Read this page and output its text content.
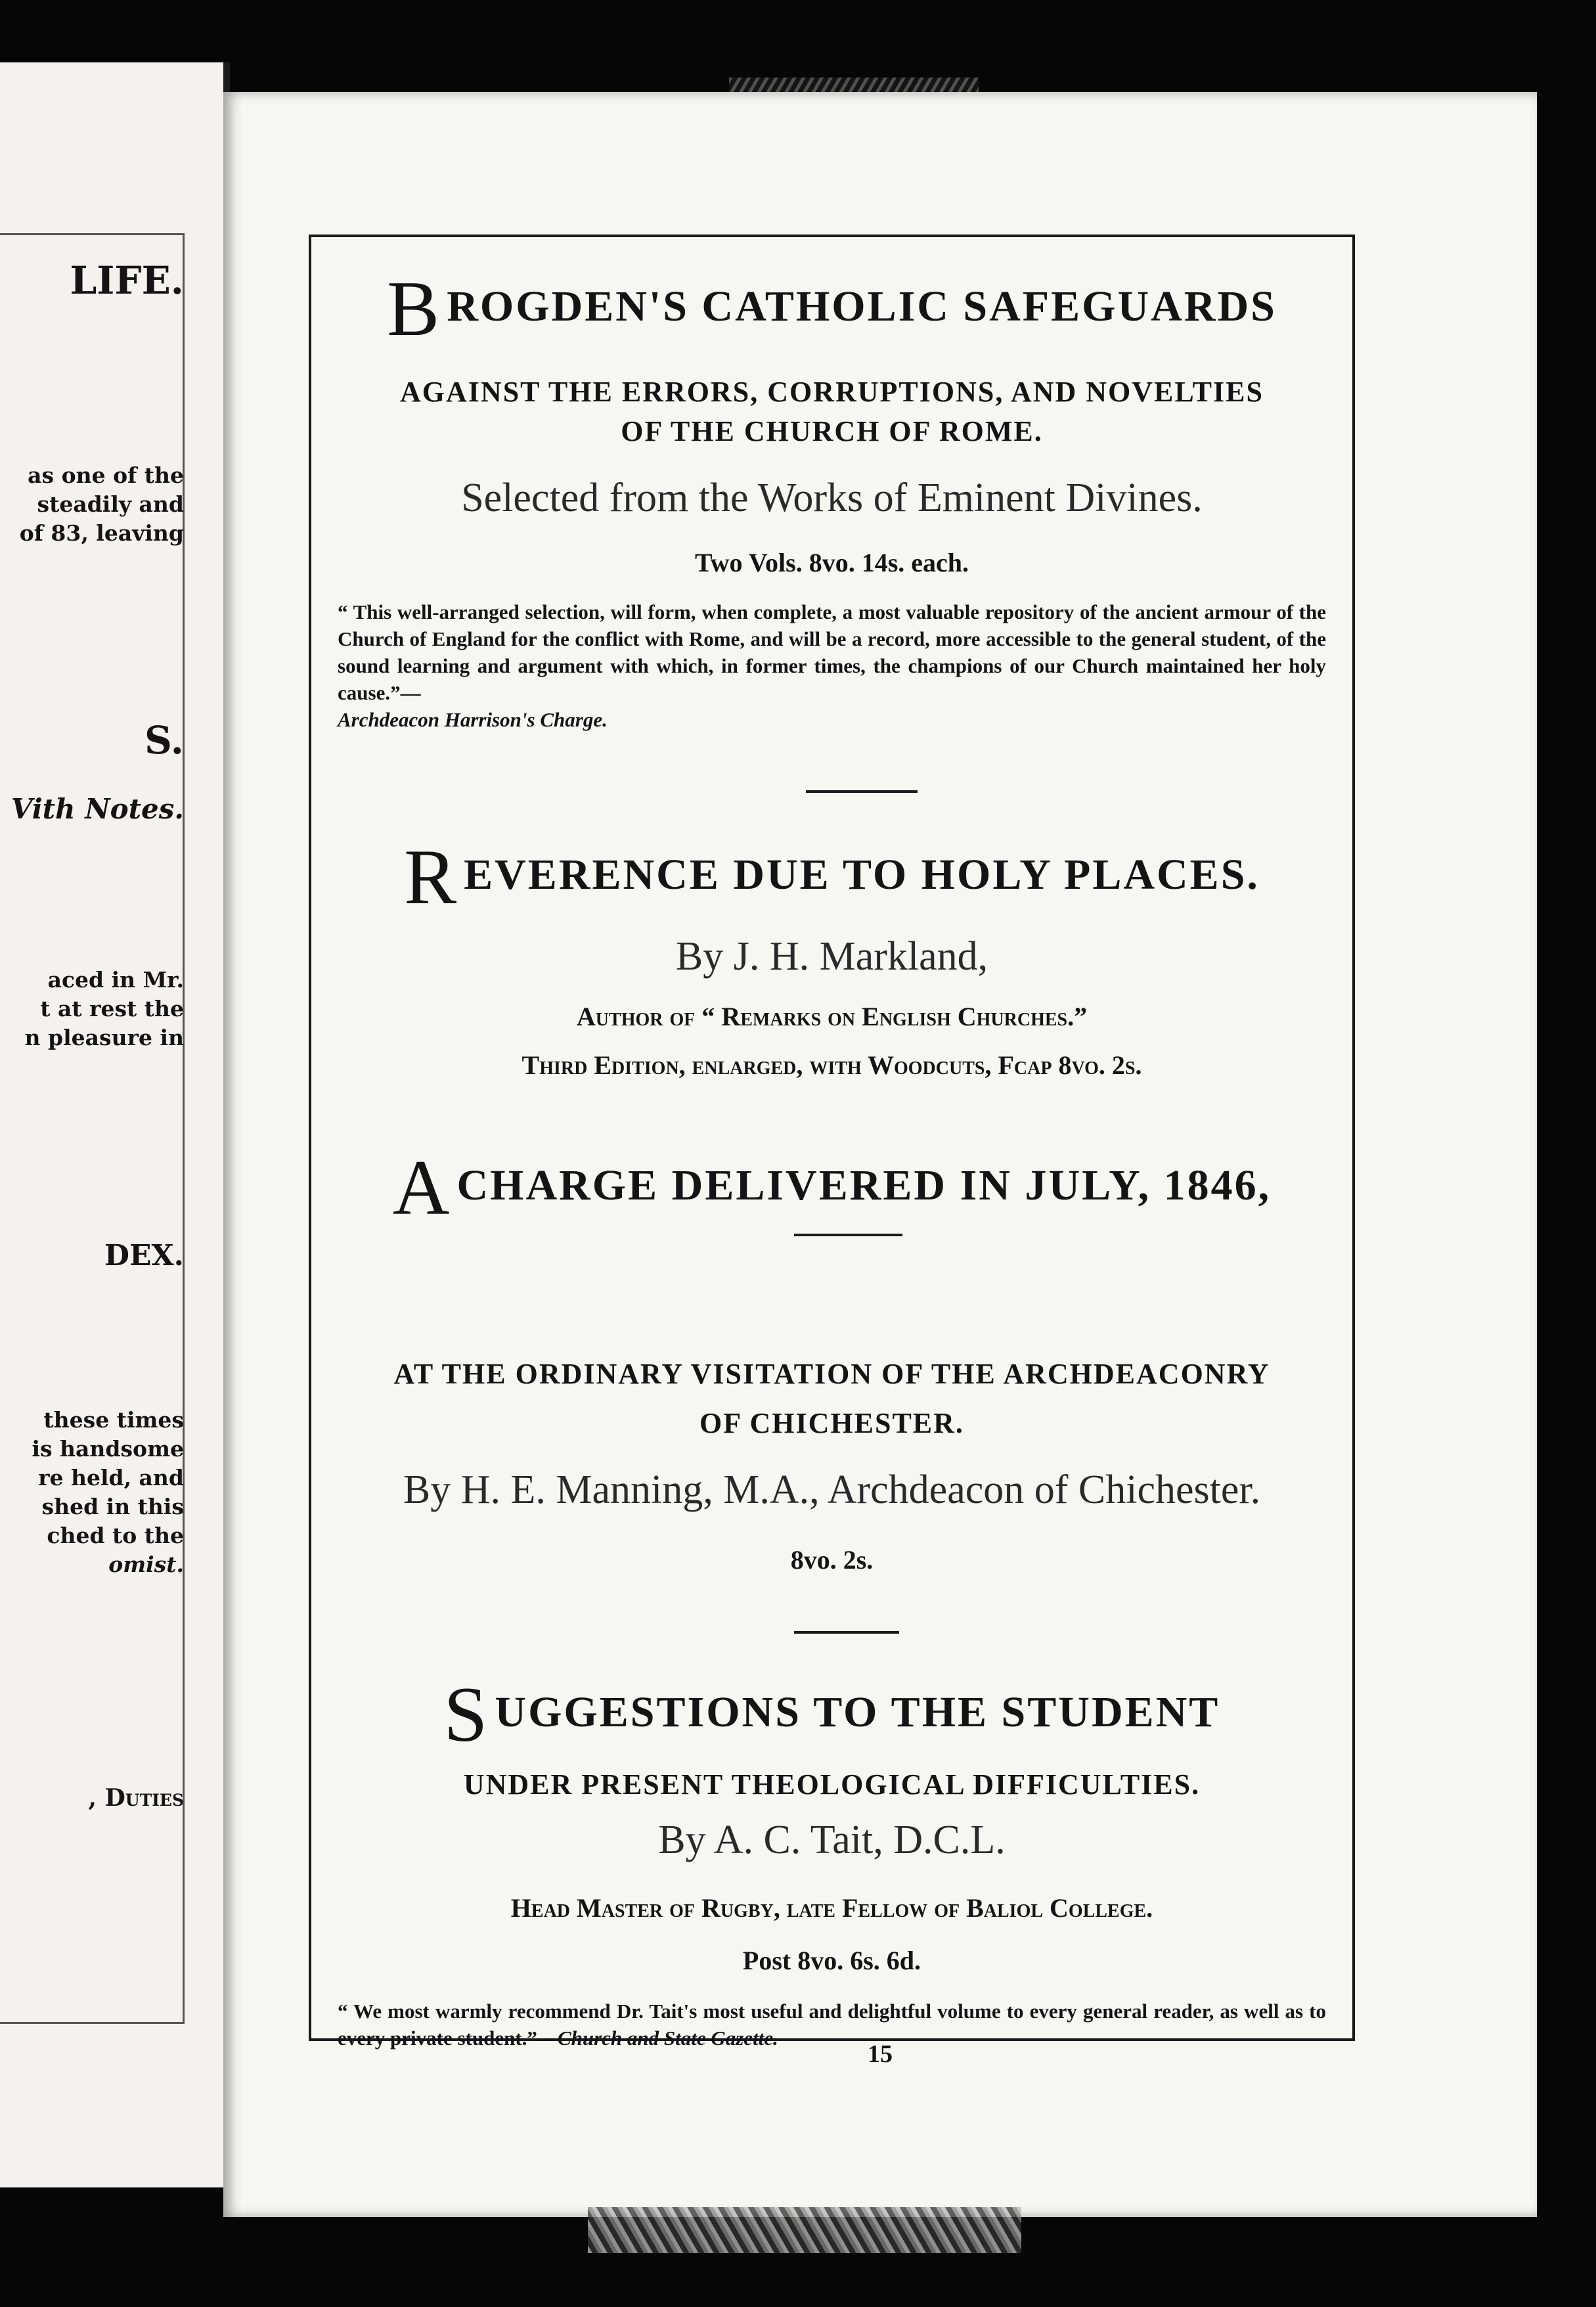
LIFE.
as one of the
steadily and
of 83, leaving
S.
Vith Notes.
aced in Mr.
t at rest the
n pleasure in
DEX.
these times
is handsome
re held, and
shed in this
ched to the
omist.
, Duties
BROGDEN'S CATHOLIC SAFEGUARDS
AGAINST THE ERRORS, CORRUPTIONS, AND NOVELTIES
OF THE CHURCH OF ROME.
Selected from the Works of Eminent Divines.
Two Vols. 8vo. 14s. each.
“ This well-arranged selection, will form, when complete, a most valuable repository of the ancient armour of the Church of England for the conflict with Rome, and will be a record, more accessible to the general student, of the sound learning and argument with which, in former times, the champions of our Church maintained her holy cause.”—
Archdeacon Harrison's Charge.
REVERENCE DUE TO HOLY PLACES.
By J. H. Markland,
Author of “ Remarks on English Churches.”
Third Edition, enlarged, with Woodcuts, Fcap 8vo. 2s.
ACHARGE DELIVERED IN JULY, 1846,
AT THE ORDINARY VISITATION OF THE ARCHDEACONRY
OF CHICHESTER.
By H. E. Manning, M.A., Archdeacon of Chichester.
8vo. 2s.
SUGGESTIONS TO THE STUDENT
UNDER PRESENT THEOLOGICAL DIFFICULTIES.
By A. C. Tait, D.C.L.
Head Master of Rugby, late Fellow of Baliol College.
Post 8vo. 6s. 6d.
“ We most warmly recommend Dr. Tait's most useful and delightful volume to every general reader, as well as to every private student.”—Church and State Gazette.
15
